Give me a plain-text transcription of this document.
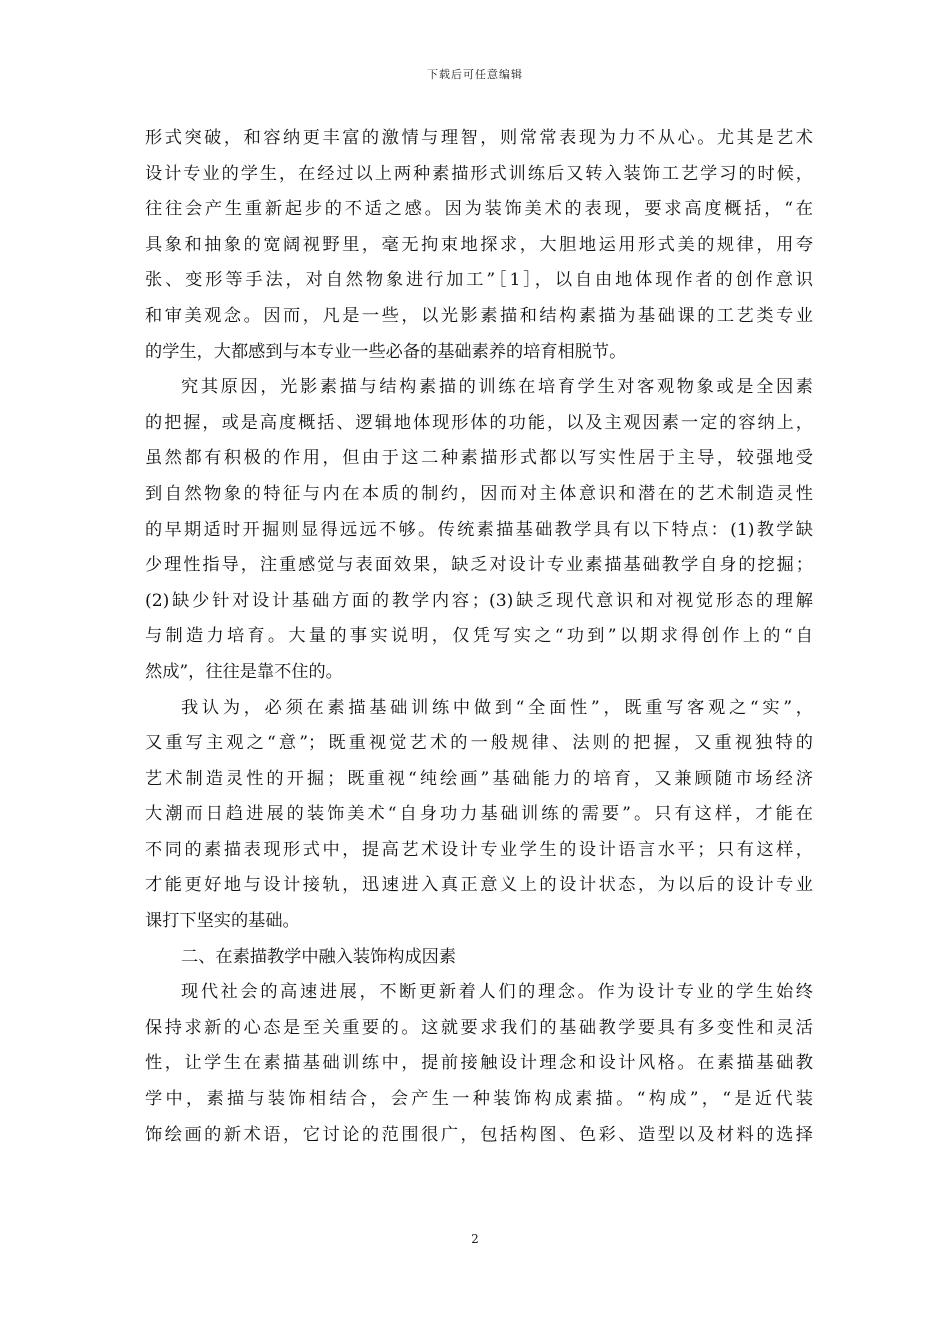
下载后可任意编辑
形式突破，和容纳更丰富的激情与理智，则常常表现为力不从心。尤其是艺术
设计专业的学生，在经过以上两种素描形式训练后又转入装饰工艺学习的时候，
往往会产生重新起步的不适之感。因为装饰美术的表现，要求高度概括，“在
具象和抽象的宽阔视野里，毫无拘束地探求，大胆地运用形式美的规律，用夸
张、变形等手法，对自然物象进行加工”［1］，以自由地体现作者的创作意识
和审美观念。因而，凡是一些，以光影素描和结构素描为基础课的工艺类专业
的学生，大都感到与本专业一些必备的基础素养的培育相脱节。
究其原因，光影素描与结构素描的训练在培育学生对客观物象或是全因素
的把握，或是高度概括、逻辑地体现形体的功能，以及主观因素一定的容纳上，
虽然都有积极的作用，但由于这二种素描形式都以写实性居于主导，较强地受
到自然物象的特征与内在本质的制约，因而对主体意识和潜在的艺术制造灵性
的早期适时开掘则显得远远不够。传统素描基础教学具有以下特点：(1)教学缺
少理性指导，注重感觉与表面效果，缺乏对设计专业素描基础教学自身的挖掘；
(2)缺少针对设计基础方面的教学内容；(3)缺乏现代意识和对视觉形态的理解
与制造力培育。大量的事实说明，仅凭写实之“功到”以期求得创作上的“自
然成”，往往是靠不住的。
我认为，必须在素描基础训练中做到“全面性”，既重写客观之“实”，
又重写主观之“意”；既重视觉艺术的一般规律、法则的把握，又重视独特的
艺术制造灵性的开掘；既重视“纯绘画”基础能力的培育，又兼顾随市场经济
大潮而日趋进展的装饰美术“自身功力基础训练的需要”。只有这样，才能在
不同的素描表现形式中，提高艺术设计专业学生的设计语言水平；只有这样，
才能更好地与设计接轨，迅速进入真正意义上的设计状态，为以后的设计专业
课打下坚实的基础。
二、在素描教学中融入装饰构成因素
现代社会的高速进展，不断更新着人们的理念。作为设计专业的学生始终
保持求新的心态是至关重要的。这就要求我们的基础教学要具有多变性和灵活
性，让学生在素描基础训练中，提前接触设计理念和设计风格。在素描基础教
学中，素描与装饰相结合，会产生一种装饰构成素描。“构成”，“是近代装
饰绘画的新术语，它讨论的范围很广，包括构图、色彩、造型以及材料的选择
2
